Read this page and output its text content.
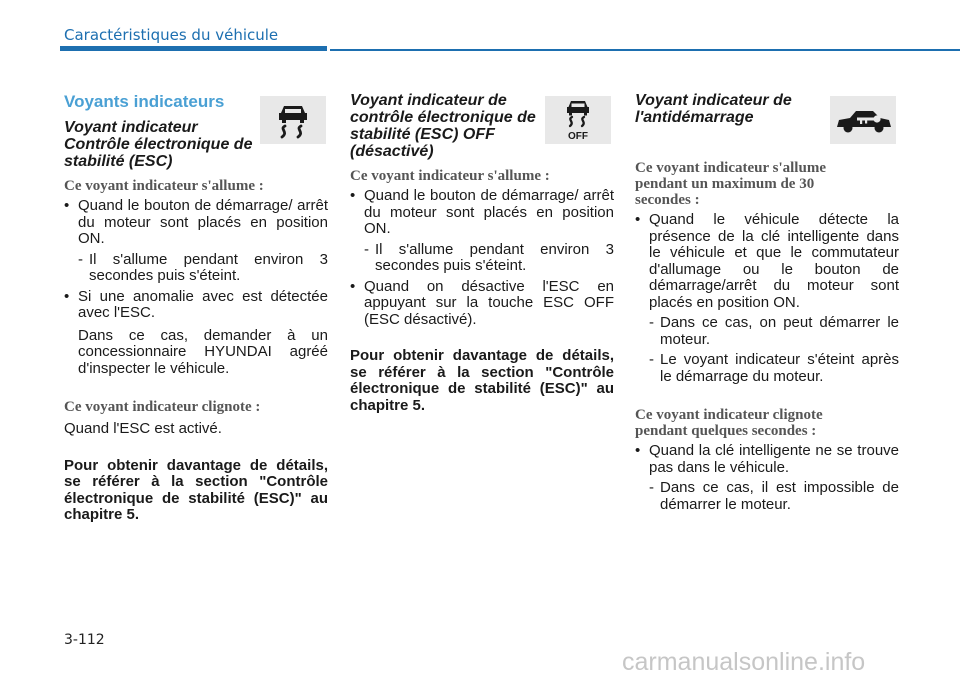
Caractéristiques du véhicule
Voyants indicateurs
Voyant indicateur Contrôle électronique de stabilité (ESC)
Ce voyant indicateur s'allume :
• Quand le bouton de démarrage/ arrêt du moteur sont placés en position ON.
- Il s'allume pendant environ 3 secondes puis s'éteint.
• Si une anomalie avec est détectée avec l'ESC.
Dans ce cas, demander à un concessionnaire HYUNDAI agréé d'inspecter le véhicule.
Ce voyant indicateur clignote :
Quand l'ESC est activé.
Pour obtenir davantage de détails, se référer à la section "Contrôle électronique de stabilité (ESC)" au chapitre 5.
Voyant indicateur de contrôle électronique de stabilité (ESC) OFF (désactivé)
Ce voyant indicateur s'allume :
• Quand le bouton de démarrage/ arrêt du moteur sont placés en position ON.
- Il s'allume pendant environ 3 secondes puis s'éteint.
• Quand on désactive l'ESC en appuyant sur la touche ESC OFF (ESC désactivé).
Pour obtenir davantage de détails, se référer à la section "Contrôle électronique de stabilité (ESC)" au chapitre 5.
OFF
Voyant indicateur de l'antidémarrage
Ce voyant indicateur s'allume pendant un maximum de 30 secondes :
• Quand le véhicule détecte la présence de la clé intelligente dans le véhicule et que le commutateur d'allumage ou le bouton de démarrage/arrêt du moteur sont placés en position ON.
- Dans ce cas, on peut démarrer le moteur.
- Le voyant indicateur s'éteint après le démarrage du moteur.
Ce voyant indicateur clignote pendant quelques secondes :
• Quand la clé intelligente ne se trouve pas dans le véhicule.
- Dans ce cas, il est impossible de démarrer le moteur.
3-112
carmanualsonline.info
